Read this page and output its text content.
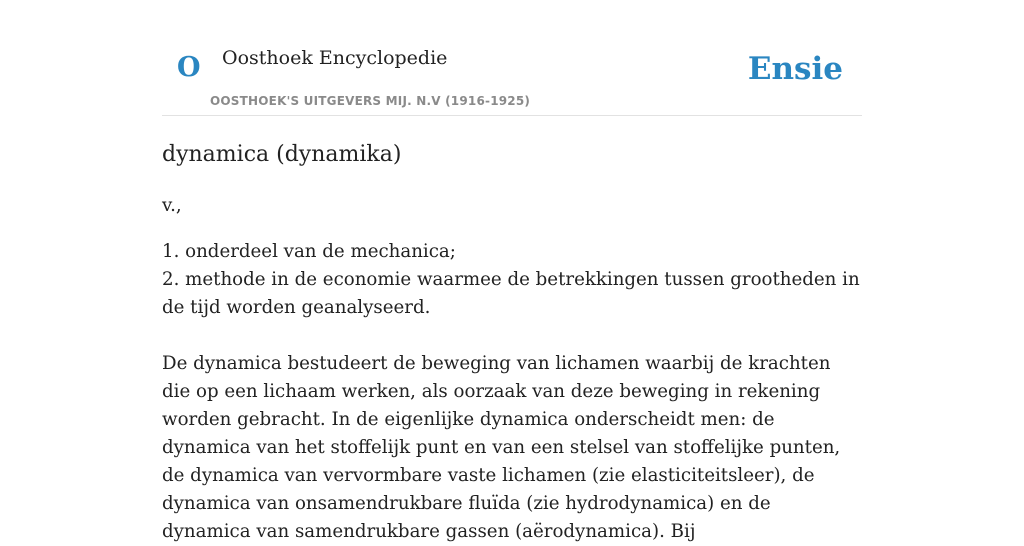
O Oosthoek Encyclopedie
OOSTHOEK'S UITGEVERS MIJ. N.V (1916-1925)
Ensie
dynamica (dynamika)

v.,

1. onderdeel van de mechanica;

2. methode in de economie waarmee de betrekkingen tussen grootheden in de tijd worden geanalyseerd.

De dynamica bestudeert de beweging van lichamen waarbij de krachten die op een lichaam werken, als oorzaak van deze beweging in rekening worden gebracht. In de eigenlijke dynamica onderscheidt men: de dynamica van het stoffelijk punt en van een stelsel van stoffelijke punten, de dynamica van vervormbare vaste lichamen (zie elasticiteitsleer), de dynamica van onsamendrukbare fluïda (zie hydrodynamica) en de dynamica van samendrukbare gassen (aërodynamica). Bij
